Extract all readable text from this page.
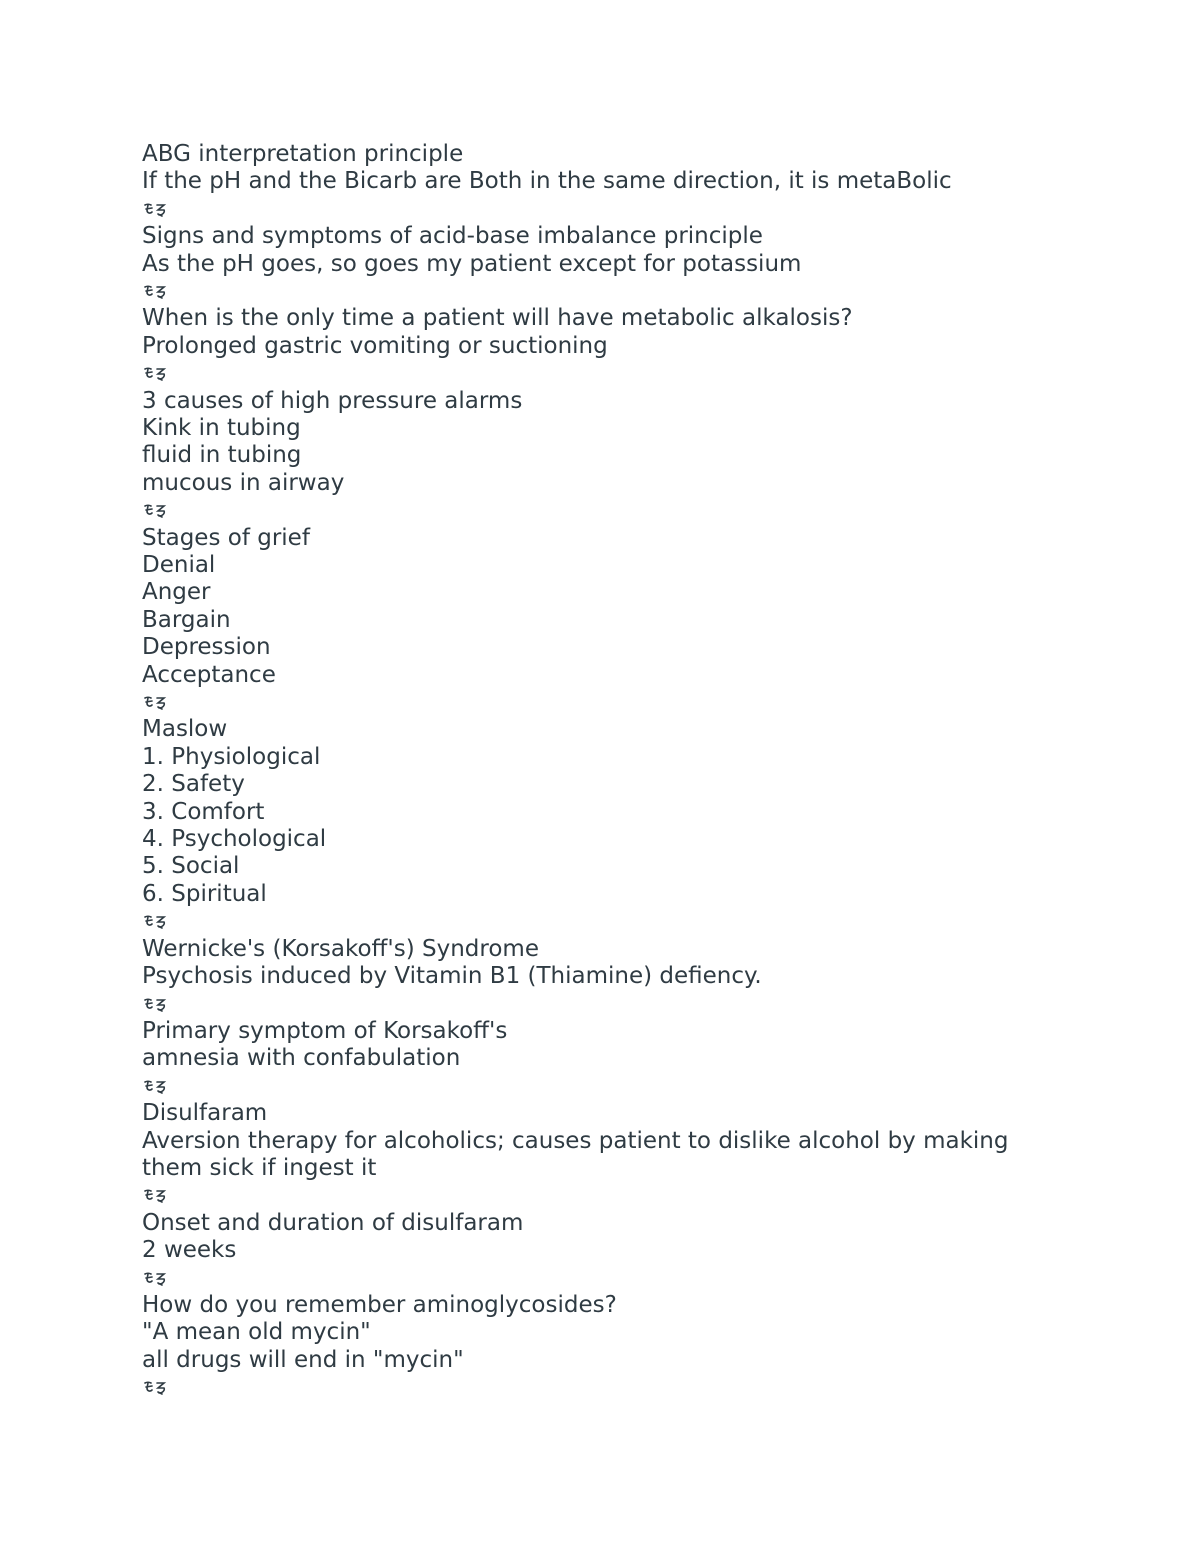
ABG interpretation principle
If the pH and the Bicarb are Both in the same direction, it is metaBolic
Signs and symptoms of acid-base imbalance principle
As the pH goes, so goes my patient except for potassium
When is the only time a patient will have metabolic alkalosis?
Prolonged gastric vomiting or suctioning
3 causes of high pressure alarms
Kink in tubing
fluid in tubing
mucous in airway
Stages of grief
Denial
Anger
Bargain
Depression
Acceptance
Maslow
1. Physiological
2. Safety
3. Comfort
4. Psychological
5. Social
6. Spiritual
Wernicke's (Korsakoff's) Syndrome
Psychosis induced by Vitamin B1 (Thiamine) defiency.
Primary symptom of Korsakoff's
amnesia with confabulation
Disulfaram
Aversion therapy for alcoholics; causes patient to dislike alcohol by making
them sick if ingest it
Onset and duration of disulfaram
2 weeks
How do you remember aminoglycosides?
"A mean old mycin"
all drugs will end in "mycin"
